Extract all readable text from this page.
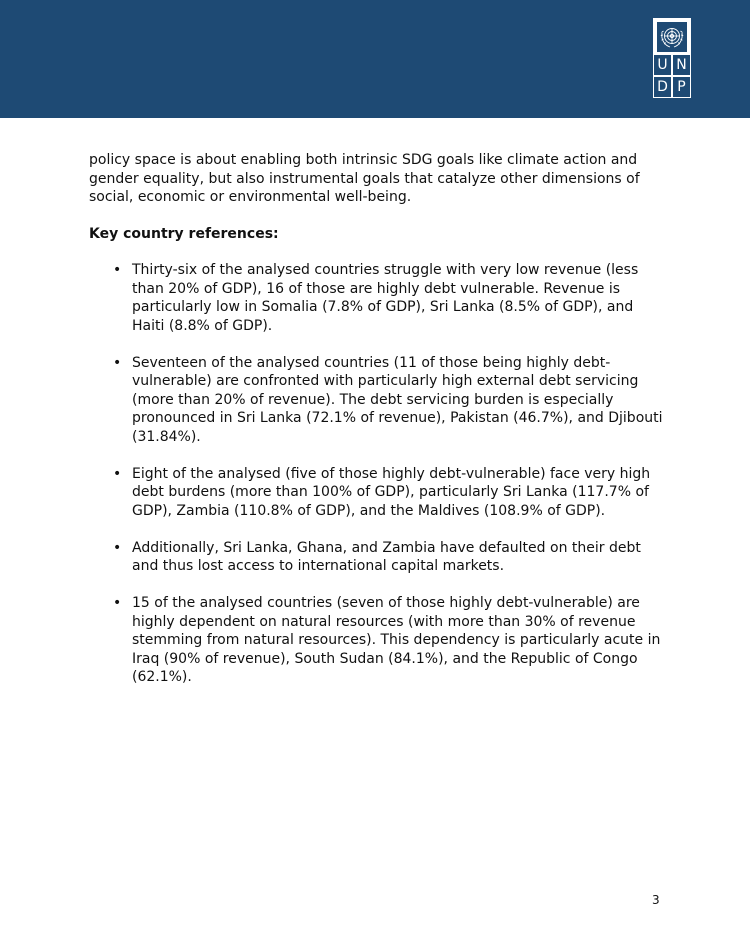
U N
D P

policy space is about enabling both intrinsic SDG goals like climate action and gender equality, but also instrumental goals that catalyze other dimensions of social, economic or environmental well-being.

Key country references:

• Thirty-six of the analysed countries struggle with very low revenue (less than 20% of GDP), 16 of those are highly debt vulnerable. Revenue is particularly low in Somalia (7.8% of GDP), Sri Lanka (8.5% of GDP), and Haiti (8.8% of GDP).
• Seventeen of the analysed countries (11 of those being highly debt-vulnerable) are confronted with particularly high external debt servicing (more than 20% of revenue). The debt servicing burden is especially pronounced in Sri Lanka (72.1% of revenue), Pakistan (46.7%), and Djibouti (31.84%).
• Eight of the analysed (five of those highly debt-vulnerable) face very high debt burdens (more than 100% of GDP), particularly Sri Lanka (117.7% of GDP), Zambia (110.8% of GDP), and the Maldives (108.9% of GDP).
• Additionally, Sri Lanka, Ghana, and Zambia have defaulted on their debt and thus lost access to international capital markets.
• 15 of the analysed countries (seven of those highly debt-vulnerable) are highly dependent on natural resources (with more than 30% of revenue stemming from natural resources). This dependency is particularly acute in Iraq (90% of revenue), South Sudan (84.1%), and the Republic of Congo (62.1%).
3
